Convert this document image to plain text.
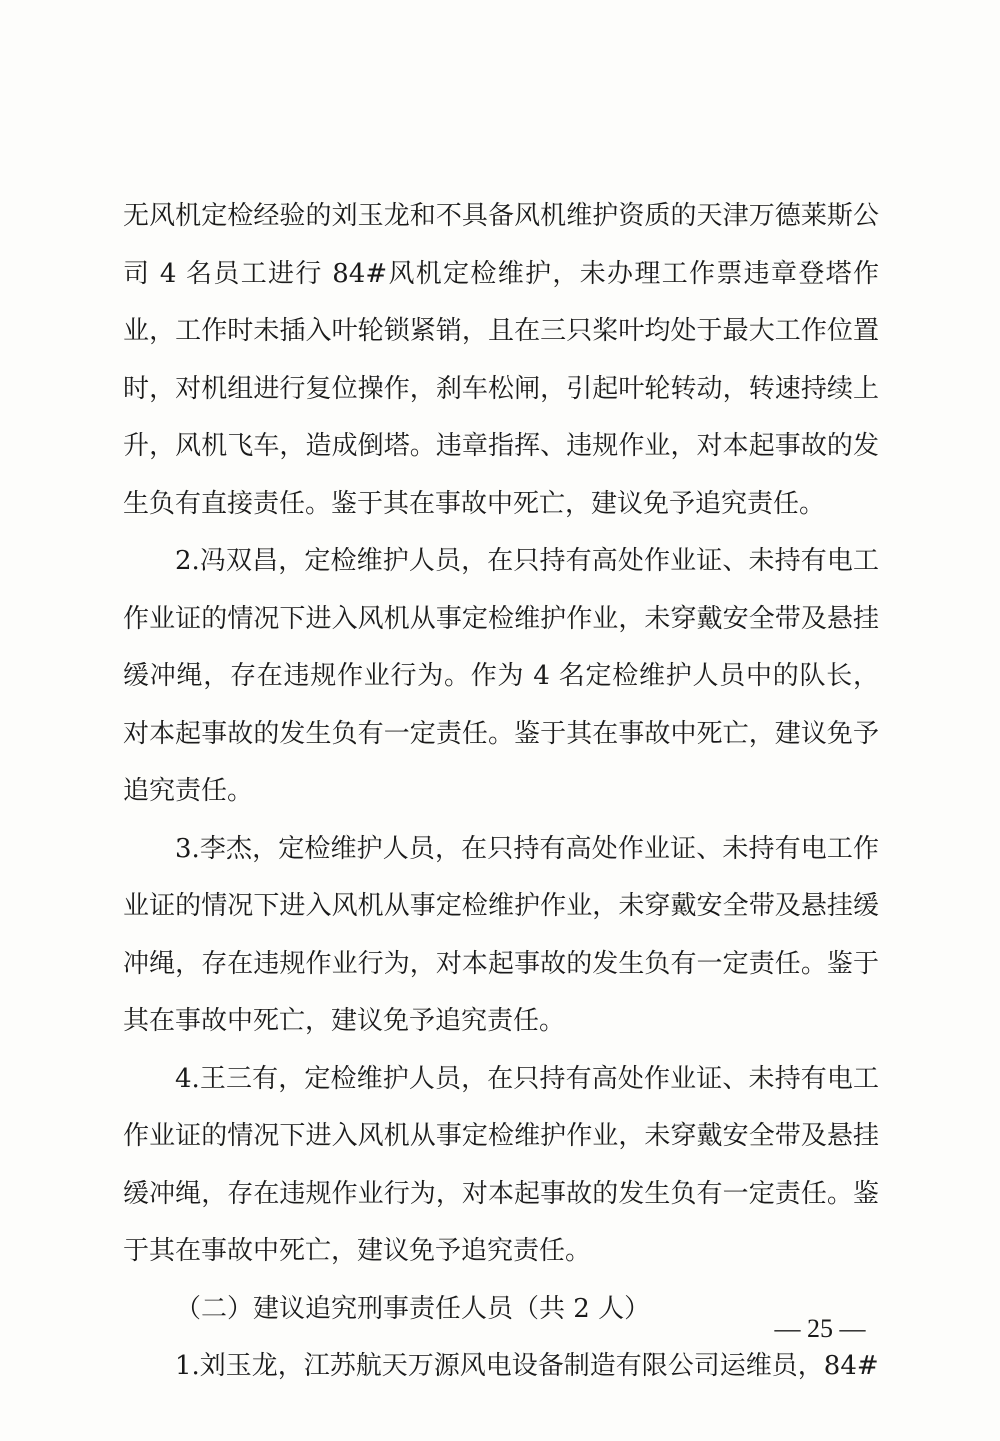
无风机定检经验的刘玉龙和不具备风机维护资质的天津万德莱斯公司 4 名员工进行 84#风机定检维护，未办理工作票违章登塔作业，工作时未插入叶轮锁紧销，且在三只桨叶均处于最大工作位置时，对机组进行复位操作，刹车松闸，引起叶轮转动，转速持续上升，风机飞车，造成倒塔。违章指挥、违规作业，对本起事故的发生负有直接责任。鉴于其在事故中死亡，建议免予追究责任。

2.冯双昌，定检维护人员，在只持有高处作业证、未持有电工作业证的情况下进入风机从事定检维护作业，未穿戴安全带及悬挂缓冲绳，存在违规作业行为。作为 4 名定检维护人员中的队长，对本起事故的发生负有一定责任。鉴于其在事故中死亡，建议免予追究责任。

3.李杰，定检维护人员，在只持有高处作业证、未持有电工作业证的情况下进入风机从事定检维护作业，未穿戴安全带及悬挂缓冲绳，存在违规作业行为，对本起事故的发生负有一定责任。鉴于其在事故中死亡，建议免予追究责任。

4.王三有，定检维护人员，在只持有高处作业证、未持有电工作业证的情况下进入风机从事定检维护作业，未穿戴安全带及悬挂缓冲绳，存在违规作业行为，对本起事故的发生负有一定责任。鉴于其在事故中死亡，建议免予追究责任。

（二）建议追究刑事责任人员（共 2 人）

1.刘玉龙，江苏航天万源风电设备制造有限公司运维员，84#

— 25 —
